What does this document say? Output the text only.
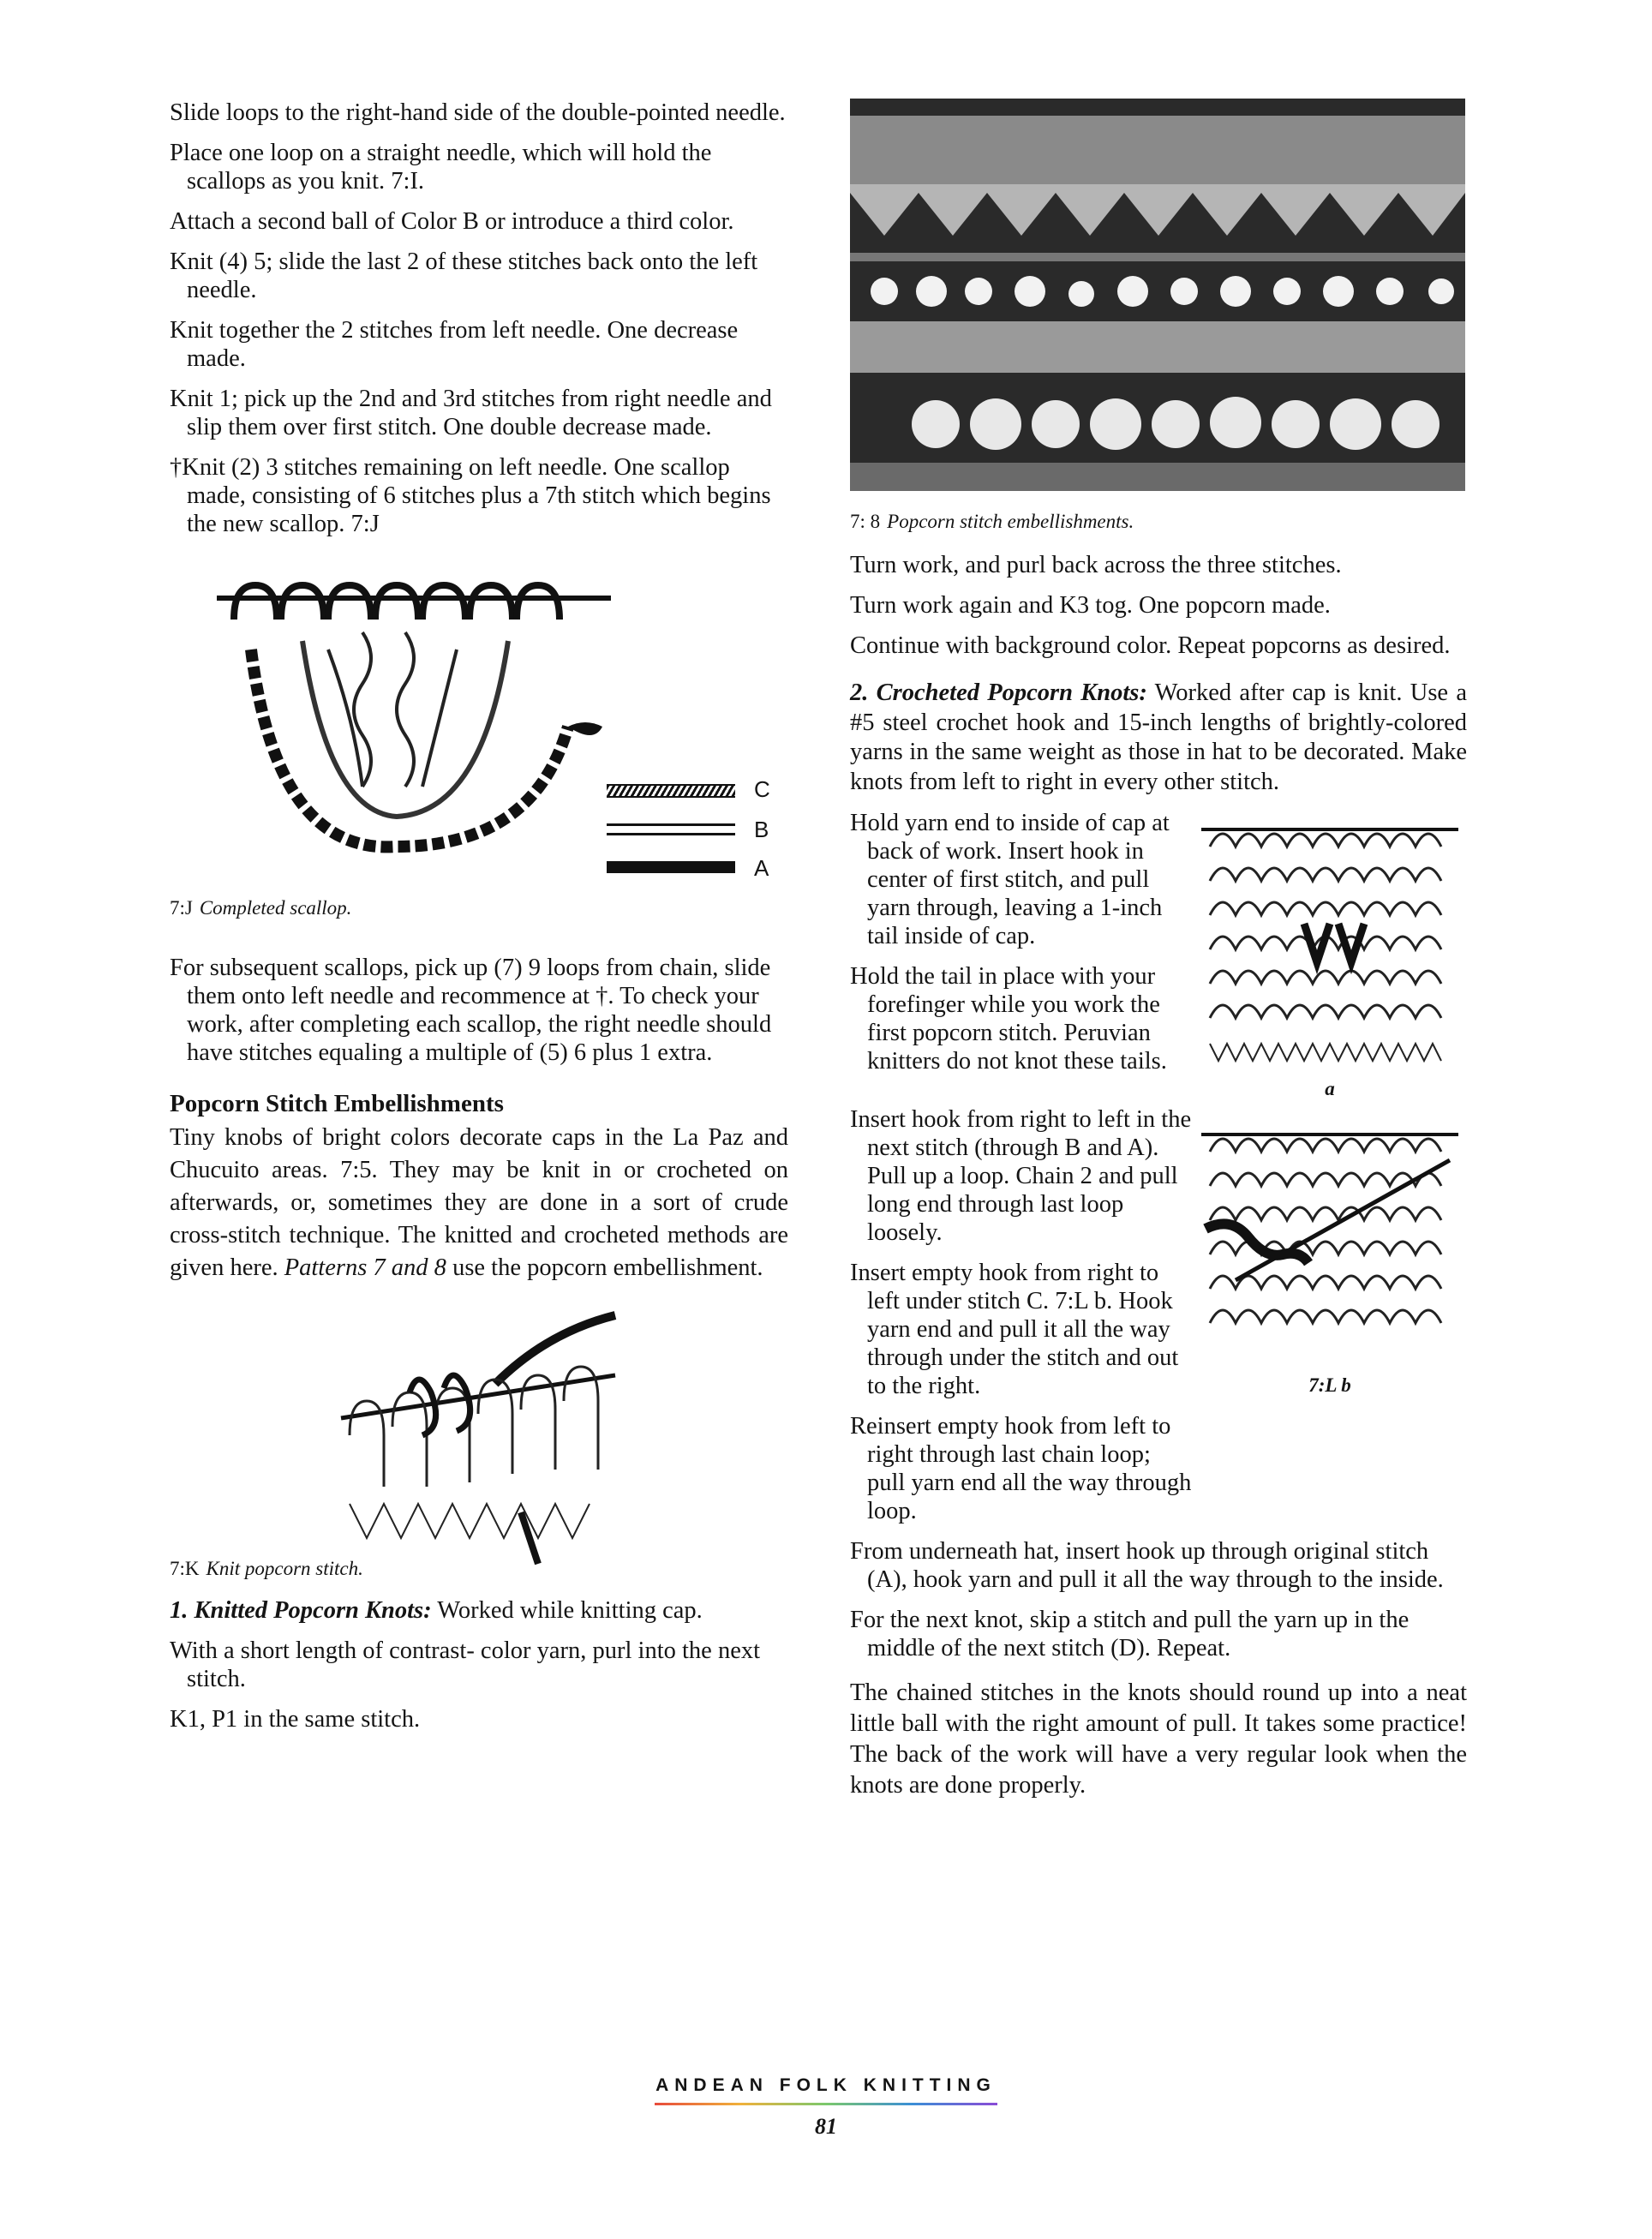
Slide loops to the right-hand side of the double-pointed needle.

Place one loop on a straight needle, which will hold the scallops as you knit. 7:I.

Attach a second ball of Color B or introduce a third color.

Knit (4) 5; slide the last 2 of these stitches back onto the left needle.

Knit together the 2 stitches from left needle. One decrease made.

Knit 1; pick up the 2nd and 3rd stitches from right needle and slip them over first stitch. One double decrease made.

†Knit (2) 3 stitches remaining on left needle. One scallop made, consisting of 6 stitches plus a 7th stitch which begins the new scallop. 7:J

C
B
A

7:J Completed scallop.

For subsequent scallops, pick up (7) 9 loops from chain, slide them onto left needle and recommence at †. To check your work, after completing each scallop, the right needle should have stitches equaling a multiple of (5) 6 plus 1 extra.

Popcorn Stitch Embellishments

Tiny knobs of bright colors decorate caps in the La Paz and Chucuito areas. 7:5. They may be knit in or crocheted on afterwards, or, sometimes they are done in a sort of crude cross-stitch technique. The knitted and crocheted methods are given here. Patterns 7 and 8 use the popcorn embellishment.

7:K Knit popcorn stitch.

1. Knitted Popcorn Knots: Worked while knitting cap.

With a short length of contrast- color yarn, purl into the next stitch.

K1, P1 in the same stitch.

7: 8 Popcorn stitch embellishments.

Turn work, and purl back across the three stitches.

Turn work again and K3 tog. One popcorn made.

Continue with background color. Repeat popcorns as desired.

2. Crocheted Popcorn Knots: Worked after cap is knit. Use a #5 steel crochet hook and 15-inch lengths of brightly-colored yarns in the same weight as those in hat to be decorated. Make knots from left to right in every other stitch.

Hold yarn end to inside of cap at back of work. Insert hook in center of first stitch, and pull yarn through, leaving a 1-inch tail inside of cap.

Hold the tail in place with your forefinger while you work the first popcorn stitch. Peruvian knitters do not knot these tails.

a

Insert hook from right to left in the next stitch (through B and A). Pull up a loop. Chain 2 and pull long end through last loop loosely.

Insert empty hook from right to left under stitch C. 7:L b. Hook yarn end and pull it all the way through under the stitch and out to the right.

Reinsert empty hook from left to right through last chain loop; pull yarn end all the way through loop.

7:L b

From underneath hat, insert hook up through original stitch (A), hook yarn and pull it all the way through to the inside.

For the next knot, skip a stitch and pull the yarn up in the middle of the next stitch (D). Repeat.

The chained stitches in the knots should round up into a neat little ball with the right amount of pull. It takes some practice! The back of the work will have a very regular look when the knots are done properly.

ANDEAN FOLK KNITTING
81
